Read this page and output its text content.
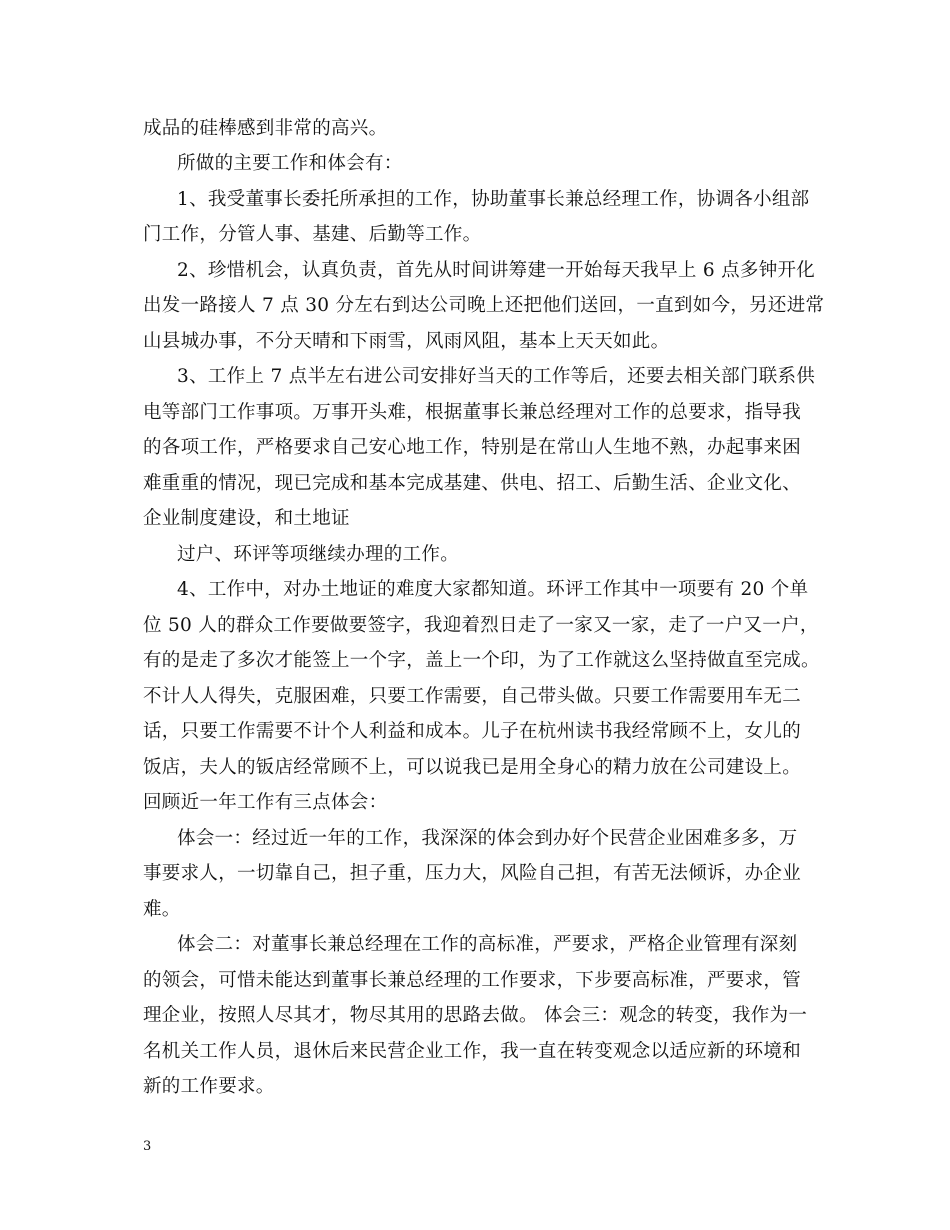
成品的硅棒感到非常的高兴。
所做的主要工作和体会有：
1、我受董事长委托所承担的工作，协助董事长兼总经理工作，协调各小组部
门工作，分管人事、基建、后勤等工作。
2、珍惜机会，认真负责，首先从时间讲筹建一开始每天我早上 6 点多钟开化
出发一路接人 7 点 30 分左右到达公司晚上还把他们送回，一直到如今，另还进常
山县城办事，不分天晴和下雨雪，风雨风阻，基本上天天如此。
3、工作上 7 点半左右进公司安排好当天的工作等后，还要去相关部门联系供
电等部门工作事项。万事开头难，根据董事长兼总经理对工作的总要求，指导我
的各项工作，严格要求自己安心地工作，特别是在常山人生地不熟，办起事来困
难重重的情况，现已完成和基本完成基建、供电、招工、后勤生活、企业文化、
企业制度建设，和土地证
过户、环评等项继续办理的工作。
4、工作中，对办土地证的难度大家都知道。环评工作其中一项要有 20 个单
位 50 人的群众工作要做要签字，我迎着烈日走了一家又一家，走了一户又一户，
有的是走了多次才能签上一个字，盖上一个印，为了工作就这么坚持做直至完成。
不计人人得失，克服困难，只要工作需要，自己带头做。只要工作需要用车无二
话，只要工作需要不计个人利益和成本。儿子在杭州读书我经常顾不上，女儿的
饭店，夫人的钣店经常顾不上，可以说我已是用全身心的精力放在公司建设上。
回顾近一年工作有三点体会：
体会一：经过近一年的工作，我深深的体会到办好个民营企业困难多多，万
事要求人，一切靠自己，担子重，压力大，风险自己担，有苦无法倾诉，办企业
难。
体会二：对董事长兼总经理在工作的高标准，严要求，严格企业管理有深刻
的领会，可惜未能达到董事长兼总经理的工作要求，下步要高标准，严要求，管
理企业，按照人尽其才，物尽其用的思路去做。 体会三：观念的转变，我作为一
名机关工作人员，退休后来民营企业工作，我一直在转变观念以适应新的环境和
新的工作要求。
3
